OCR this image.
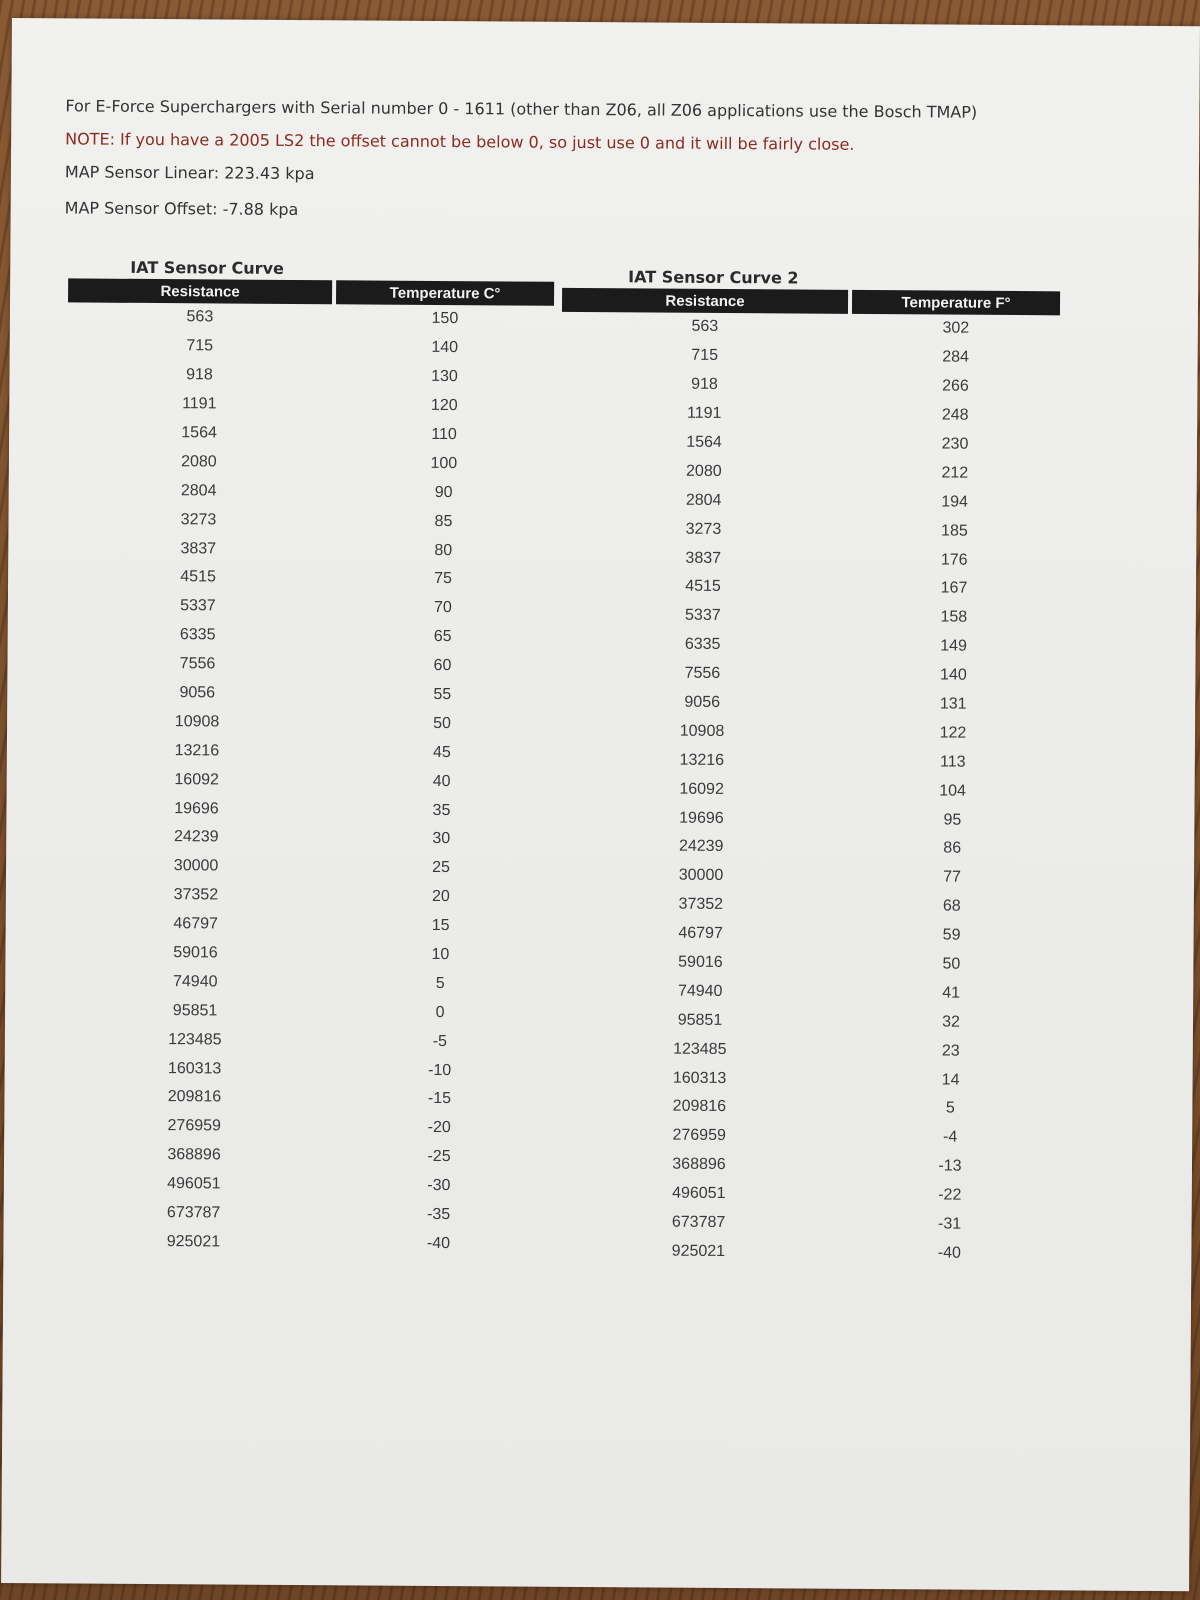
For E-Force Superchargers with Serial number 0 - 1611 (other than Z06, all Z06 applications use the Bosch TMAP)

NOTE: If you have a 2005 LS2 the offset cannot be below 0, so just use 0 and it will be fairly close.

MAP Sensor Linear: 223.43 kpa

MAP Sensor Offset: -7.88 kpa

IAT Sensor Curve
Resistance	Temperature C°
563	150
715	140
918	130
1191	120
1564	110
2080	100
2804	90
3273	85
3837	80
4515	75
5337	70
6335	65
7556	60
9056	55
10908	50
13216	45
16092	40
19696	35
24239	30
30000	25
37352	20
46797	15
59016	10
74940	5
95851	0
123485	-5
160313	-10
209816	-15
276959	-20
368896	-25
496051	-30
673787	-35
925021	-40
IAT Sensor Curve 2
Resistance	Temperature F°
563	302
715	284
918	266
1191	248
1564	230
2080	212
2804	194
3273	185
3837	176
4515	167
5337	158
6335	149
7556	140
9056	131
10908	122
13216	113
16092	104
19696	95
24239	86
30000	77
37352	68
46797	59
59016	50
74940	41
95851	32
123485	23
160313	14
209816	5
276959	-4
368896	-13
496051	-22
673787	-31
925021	-40
